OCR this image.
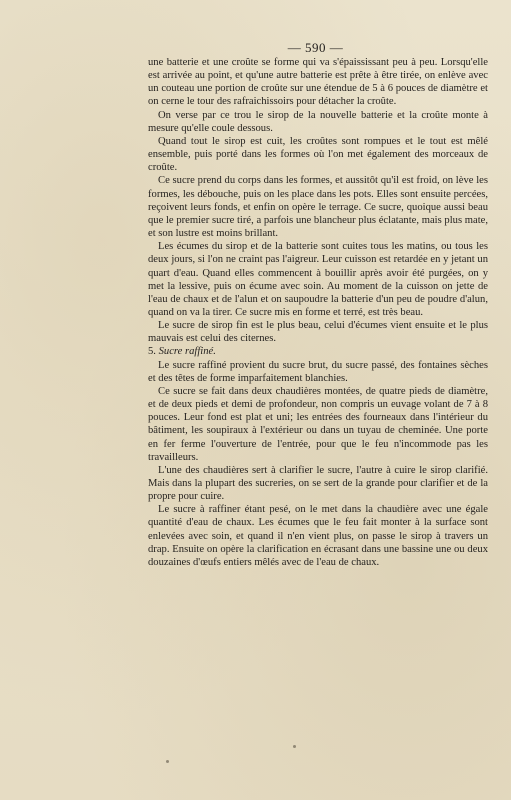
— 590 —

une batterie et une croûte se forme qui va s'épaississant peu à peu. Lorsqu'elle est arrivée au point, et qu'une autre batterie est prête à être tirée, on enlève avec un couteau une portion de croûte sur une étendue de 5 à 6 pouces de diamètre et on cerne le tour des rafraichissoirs pour détacher la croûte.

On verse par ce trou le sirop de la nouvelle batterie et la croûte monte à mesure qu'elle coule dessous.

Quand tout le sirop est cuit, les croûtes sont rompues et le tout est mêlé ensemble, puis porté dans les formes où l'on met également des morceaux de croûte.

Ce sucre prend du corps dans les formes, et aussitôt qu'il est froid, on lève les formes, les débouche, puis on les place dans les pots. Elles sont ensuite percées, reçoivent leurs fonds, et enfin on opère le terrage. Ce sucre, quoique aussi beau que le premier sucre tiré, a parfois une blancheur plus éclatante, mais plus mate, et son lustre est moins brillant.

Les écumes du sirop et de la batterie sont cuites tous les matins, ou tous les deux jours, si l'on ne craint pas l'aigreur. Leur cuisson est retardée en y jetant un quart d'eau. Quand elles commencent à bouillir après avoir été purgées, on y met la lessive, puis on écume avec soin. Au moment de la cuisson on jette de l'eau de chaux et de l'alun et on saupoudre la batterie d'un peu de poudre d'alun, quand on va la tirer. Ce sucre mis en forme et terré, est très beau.

Le sucre de sirop fin est le plus beau, celui d'écumes vient ensuite et le plus mauvais est celui des citernes.

5. Sucre raffiné.

Le sucre raffiné provient du sucre brut, du sucre passé, des fontaines sèches et des têtes de forme imparfaitement blanchies.

Ce sucre se fait dans deux chaudières montées, de quatre pieds de diamètre, et de deux pieds et demi de profondeur, non compris un euvage volant de 7 à 8 pouces. Leur fond est plat et uni; les entrées des fourneaux dans l'intérieur du bâtiment, les soupiraux à l'extérieur ou dans un tuyau de cheminée. Une porte en fer ferme l'ouverture de l'entrée, pour que le feu n'incommode pas les travailleurs.

L'une des chaudières sert à clarifier le sucre, l'autre à cuire le sirop clarifié. Mais dans la plupart des sucreries, on se sert de la grande pour clarifier et de la propre pour cuire.

Le sucre à raffiner étant pesé, on le met dans la chaudière avec une égale quantité d'eau de chaux. Les écumes que le feu fait monter à la surface sont enlevées avec soin, et quand il n'en vient plus, on passe le sirop à travers un drap. Ensuite on opère la clarification en écrasant dans une bassine une ou deux douzaines d'œufs entiers mêlés avec de l'eau de chaux.
